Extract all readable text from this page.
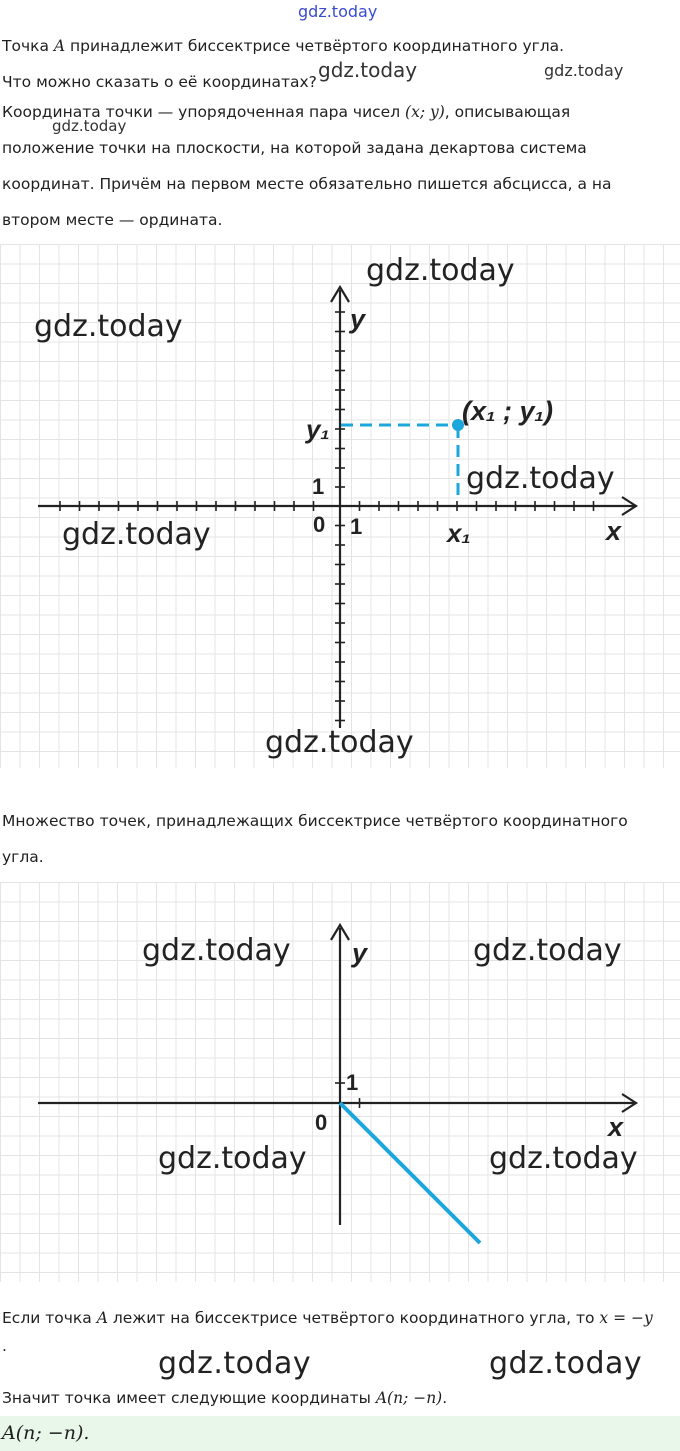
gdz.today
Точка A принадлежит биссектрисе четвёртого координатного угла.
Что можно сказать о её координатах? gdz.today	gdz.today
Координата точки — упорядоченная пара чисел (x; y), описывающая
gdz.today
положение точки на плоскости, на которой задана декартова система
координат. Причём на первом месте обязательно пишется абсцисса, а на
втором месте — ордината.
y
x
0 1
1
(x₁ ; y₁)
x₁
y₁
gdz.today
gdz.today
gdz.today
gdz.today
gdz.today
Множество точек, принадлежащих биссектрисе четвёртого координатного
угла.
y
x
0
1
gdz.today	gdz.today
gdz.today	gdz.today
Если точка A лежит на биссектрисе четвёртого координатного угла, то x = −y
.	gdz.today	gdz.today
Значит точка имеет следующие координаты A(n; −n).
A(n; −n).
